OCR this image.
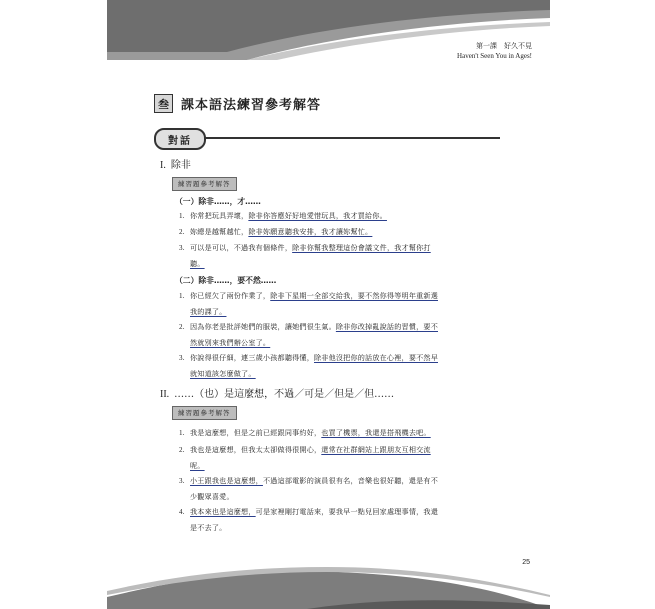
第一課　好久不見
Haven't Seen You in Ages!
叁 課本語法練習參考解答
對話
I. 除非
練習題參考解答
（一）除非……，才……
1. 你常把玩具弄壞，除非你答應好好地愛惜玩具，我才買給你。
2. 妳總是越幫越忙，除非妳願意聽我安排，我才讓妳幫忙。
3. 可以是可以，不過我有個條件，除非你幫我整理這份會議文件，我才幫你打
聽。
（二）除非……，要不然……
1. 你已經欠了兩份作業了，除非下星期一全部交給我，要不然你得等明年重新選
我的課了。
2. 因為你老是批評她們的服裝，讓她們很生氣。除非你改掉亂說話的習慣，要不
然就別來我們辦公室了。
3. 你說得很仔細，連三歲小孩都聽得懂，除非他沒把你的話放在心裡，要不然早
就知道該怎麼做了。
II. ……（也）是這麼想，不過／可是／但是／但……
練習題參考解答
1. 我是這麼想，但是之前已經跟同事約好，也買了機票，我還是搭飛機去吧。
2. 我也是這麼想，但我太太卻做得很開心，還常在社群網站上跟朋友互相交流
呢。
3. 小王跟我也是這麼想，不過這部電影的演員很有名，音樂也很好聽，還是有不
少觀眾喜愛。
4. 我本來也是這麼想，可是家裡剛打電話來，要我早一點兒回家處理事情，我還
是不去了。
25
